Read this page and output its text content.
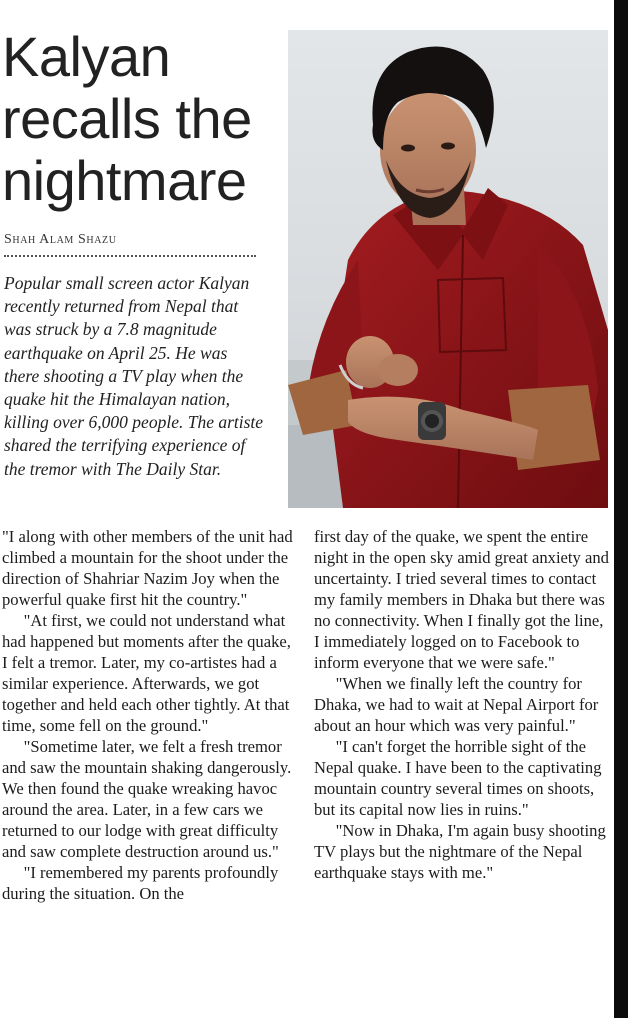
Kalyan recalls the nightmare
Shah Alam Shazu

Popular small screen actor Kalyan recently returned from Nepal that was struck by a 7.8 magnitude earthquake on April 25. He was there shooting a TV play when the quake hit the Himalayan nation, killing over 6,000 people. The artiste shared the terrifying experience of the tremor with The Daily Star.

"I along with other members of the unit had climbed a mountain for the shoot under the direction of Shahriar Nazim Joy when the powerful quake first hit the country."

"At first, we could not understand what had happened but moments after the quake, I felt a tremor. Later, my co-artistes had a similar experience. Afterwards, we got together and held each other tightly. At that time, some fell on the ground."

"Sometime later, we felt a fresh tremor and saw the mountain shaking dangerously. We then found the quake wreaking havoc around the area. Later, in a few cars we returned to our lodge with great difficulty and saw complete destruction around us."

"I remembered my parents profoundly during the situation. On the

first day of the quake, we spent the entire night in the open sky amid great anxiety and uncertainty. I tried several times to contact my family members in Dhaka but there was no connectivity. When I finally got the line, I immediately logged on to Facebook to inform everyone that we were safe."

"When we finally left the country for Dhaka, we had to wait at Nepal Airport for about an hour which was very painful."

"I can't forget the horrible sight of the Nepal quake. I have been to the captivating mountain country several times on shoots, but its capital now lies in ruins."

"Now in Dhaka, I'm again busy shooting TV plays but the nightmare of the Nepal earthquake stays with me."
